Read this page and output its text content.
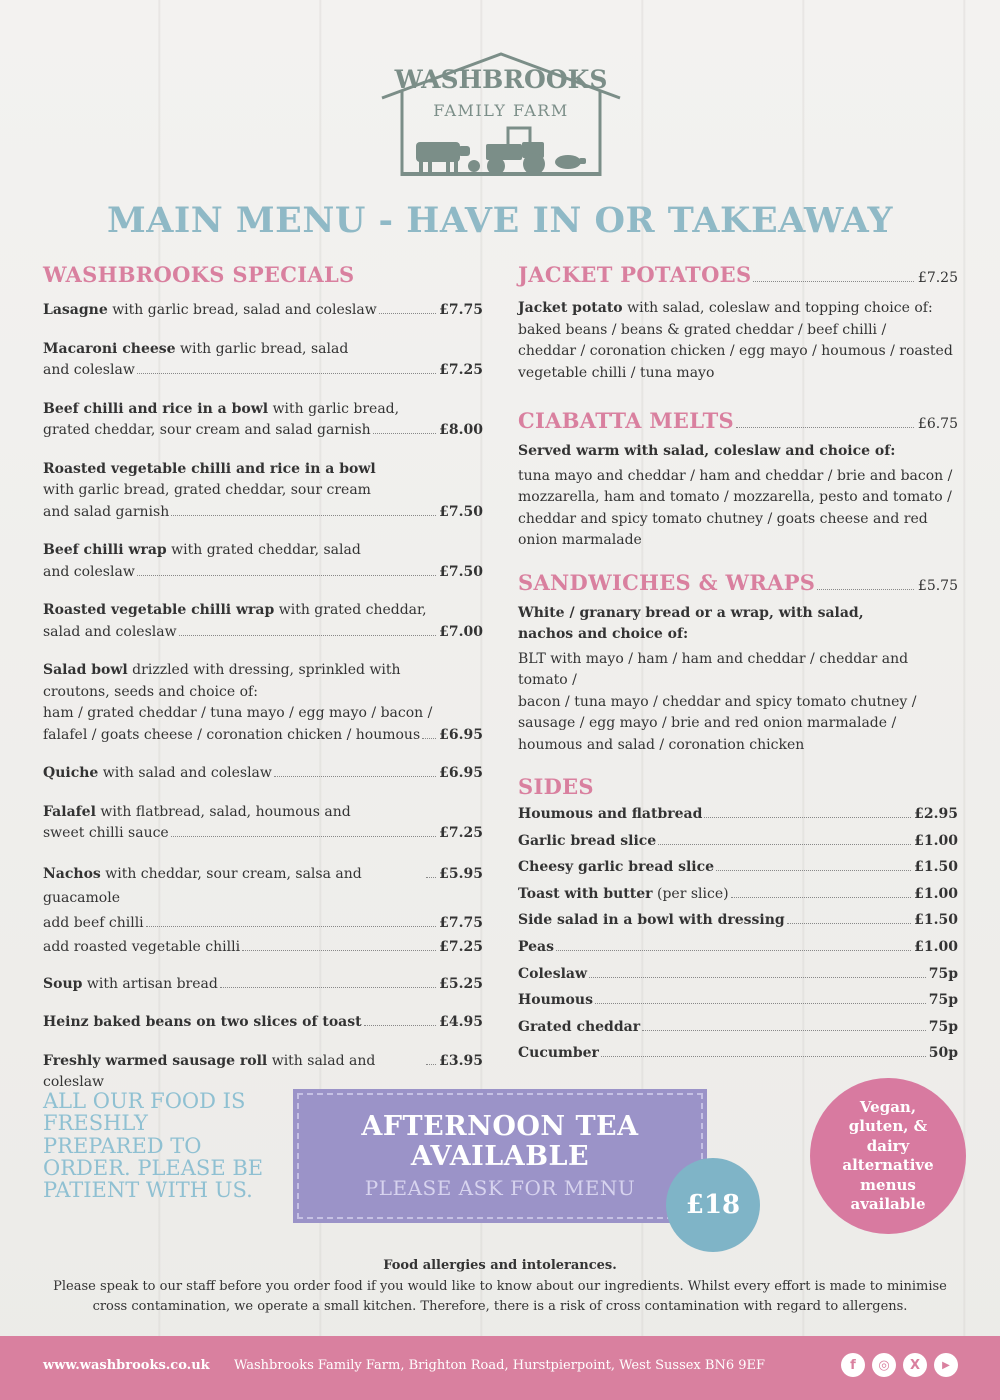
WASHBROOKS
FAMILY FARM
MAIN MENU - HAVE IN OR TAKEAWAY
WASHBROOKS SPECIALS
Lasagne with garlic bread, salad and coleslaw	£7.75
Macaroni cheese with garlic bread, salad
and coleslaw	£7.25
Beef chilli and rice in a bowl with garlic bread,
grated cheddar, sour cream and salad garnish	£8.00
Roasted vegetable chilli and rice in a bowl
with garlic bread, grated cheddar, sour cream
and salad garnish	£7.50
Beef chilli wrap with grated cheddar, salad
and coleslaw	£7.50
Roasted vegetable chilli wrap with grated cheddar,
salad and coleslaw	£7.00
Salad bowl drizzled with dressing, sprinkled with
croutons, seeds and choice of:
ham / grated cheddar / tuna mayo / egg mayo / bacon /
falafel / goats cheese / coronation chicken / houmous £6.95
Quiche with salad and coleslaw	£6.95
Falafel with flatbread, salad, houmous and
sweet chilli sauce	£7.25
Nachos with cheddar, sour cream, salsa and guacamole
£5.95
add beef chilli	£7.75
add roasted vegetable chilli	£7.25
Soup with artisan bread	£5.25
Heinz baked beans on two slices of toast	£4.95
Freshly warmed sausage roll with salad and coleslaw
£3.95
JACKET POTATOES	£7.25
Jacket potato with salad, coleslaw and topping choice of:
baked beans / beans & grated cheddar / beef chilli /
cheddar / coronation chicken / egg mayo / houmous / roasted
vegetable chilli / tuna mayo
CIABATTA MELTS	£6.75
Served warm with salad, coleslaw and choice of:
tuna mayo and cheddar / ham and cheddar / brie and bacon /
mozzarella, ham and tomato / mozzarella, pesto and tomato /
cheddar and spicy tomato chutney / goats cheese and red
onion marmalade
SANDWICHES & WRAPS	£5.75
White / granary bread or a wrap, with salad,
nachos and choice of:
BLT with mayo / ham / ham and cheddar / cheddar and tomato /
bacon / tuna mayo / cheddar and spicy tomato chutney /
sausage / egg mayo / brie and red onion marmalade /
houmous and salad / coronation chicken
SIDES
Houmous and flatbread	£2.95
Garlic bread slice	£1.00
Cheesy garlic bread slice	£1.50
Toast with butter (per slice)	£1.00
Side salad in a bowl with dressing	£1.50
Peas	£1.00
Coleslaw	75p
Houmous	75p
Grated cheddar	75p
Cucumber	50p
ALL OUR FOOD IS FRESHLY PREPARED TO ORDER. PLEASE BE PATIENT WITH US.
AFTERNOON TEA
AVAILABLE
PLEASE ASK FOR MENU
£18
Vegan, gluten, & dairy alternative menus available
Food allergies and intolerances.
Please speak to our staff before you order food if you would like to know about our ingredients. Whilst every effort is made to minimise
cross contamination, we operate a small kitchen. Therefore, there is a risk of cross contamination with regard to allergens.
www.washbrooks.co.uk Washbrooks Family Farm, Brighton Road, Hurstpierpoint, West Sussex BN6 9EF	f	◎	X	▶
